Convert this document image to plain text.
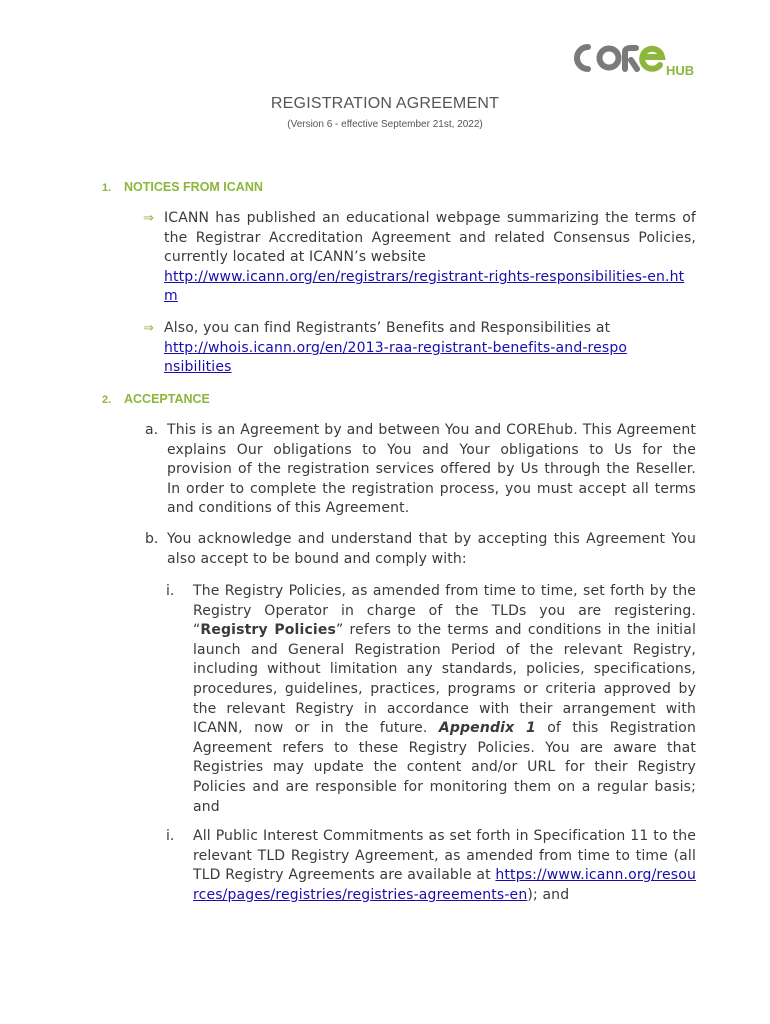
HUB
REGISTRATION AGREEMENT
(Version 6 - effective September 21st, 2022)
1. NOTICES FROM ICANN
⇒ ICANN has published an educational webpage summarizing the terms of the Registrar Accreditation Agreement and related Consensus Policies, currently located at ICANN’s website
http://www.icann.org/en/registrars/registrant-rights-responsibilities-en.htm
⇒ Also, you can find Registrants’ Benefits and Responsibilities at
http://whois.icann.org/en/2013-raa-registrant-benefits-and-responsibilities
2. ACCEPTANCE
a. This is an Agreement by and between You and COREhub. This Agreement explains Our obligations to You and Your obligations to Us for the provision of the registration services offered by Us through the Reseller. In order to complete the registration process, you must accept all terms and conditions of this Agreement.
b. You acknowledge and understand that by accepting this Agreement You also accept to be bound and comply with:
i. The Registry Policies, as amended from time to time, set forth by the Registry Operator in charge of the TLDs you are registering. “Registry Policies” refers to the terms and conditions in the initial launch and General Registration Period of the relevant Registry, including without limitation any standards, policies, specifications, procedures, guidelines, practices, programs or criteria approved by the relevant Registry in accordance with their arrangement with ICANN, now or in the future. Appendix 1 of this Registration Agreement refers to these Registry Policies. You are aware that Registries may update the content and/or URL for their Registry Policies and are responsible for monitoring them on a regular basis; and
i. All Public Interest Commitments as set forth in Specification 11 to the relevant TLD Registry Agreement, as amended from time to time (all TLD Registry Agreements are available at https://www.icann.org/resources/pages/registries/registries-agreements-en); and
